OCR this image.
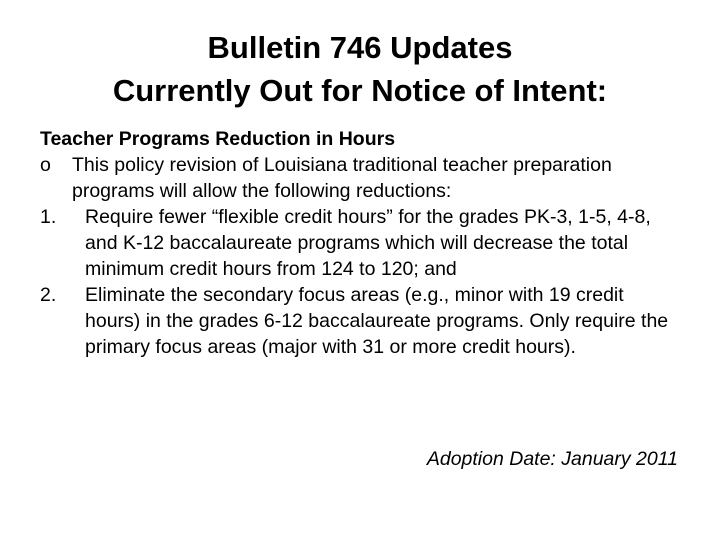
Bulletin 746 Updates
Currently Out for Notice of Intent:
Teacher Programs Reduction in Hours
o This policy revision of Louisiana traditional teacher preparation programs will allow the following reductions:
1. Require fewer “flexible credit hours” for the grades PK-3, 1-5, 4-8, and K-12 baccalaureate programs which will decrease the total minimum credit hours from 124 to 120; and
2. Eliminate the secondary focus areas (e.g., minor with 19 credit hours) in the grades 6-12 baccalaureate programs. Only require the primary focus areas (major with 31 or more credit hours).
Adoption Date: January 2011
